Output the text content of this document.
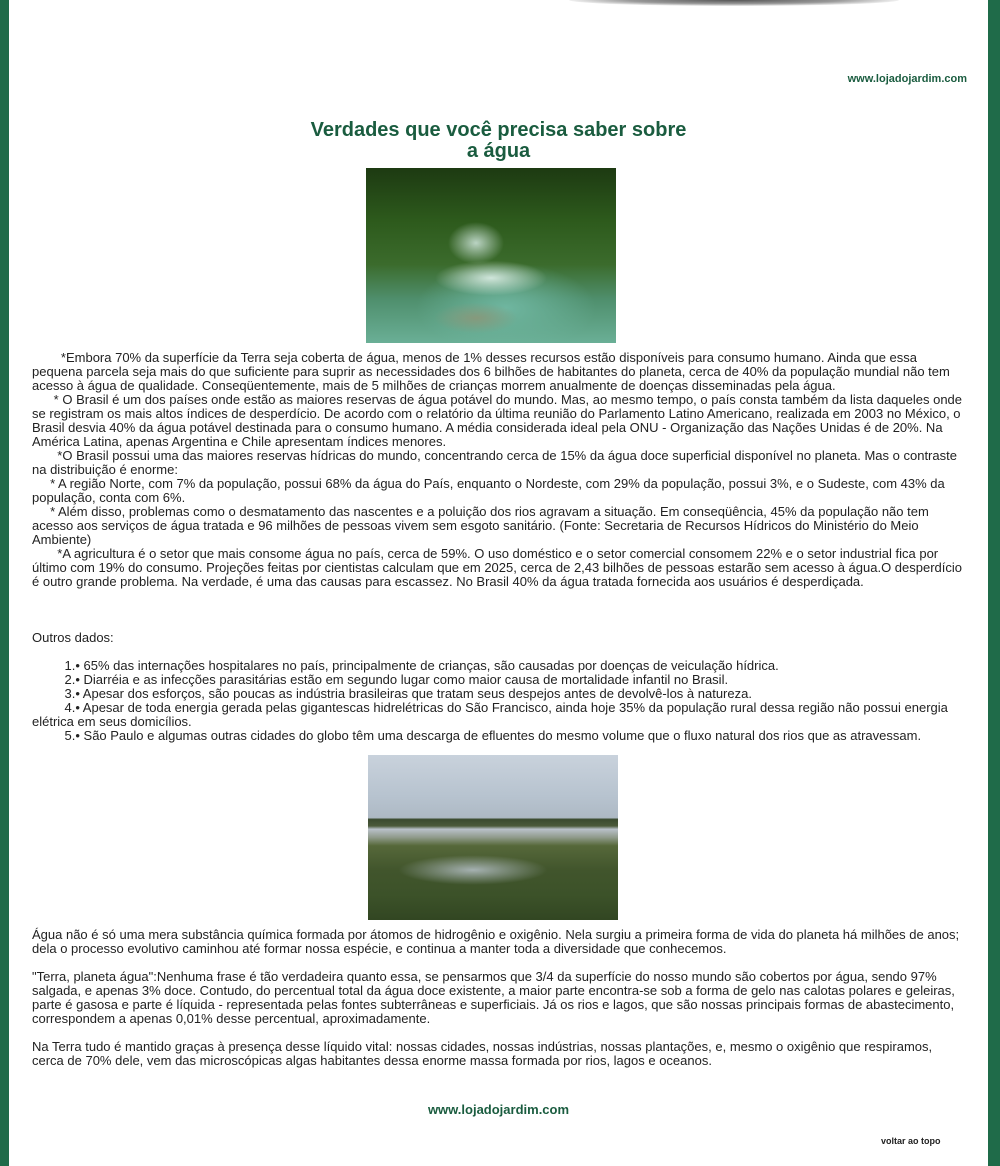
www.lojadojardim.com
Verdades que você precisa saber sobre
a água

*Embora 70% da superfície da Terra seja coberta de água, menos de 1% desses recursos estão disponíveis para consumo humano. Ainda que essa pequena parcela seja mais do que suficiente para suprir as necessidades dos 6 bilhões de habitantes do planeta, cerca de 40% da população mundial não tem acesso à água de qualidade. Conseqüentemente, mais de 5 milhões de crianças morrem anualmente de doenças disseminadas pela água.

* O Brasil é um dos países onde estão as maiores reservas de água potável do mundo. Mas, ao mesmo tempo, o país consta também da lista daqueles onde se registram os mais altos índices de desperdício. De acordo com o relatório da última reunião do Parlamento Latino Americano, realizada em 2003 no México, o Brasil desvia 40% da água potável destinada para o consumo humano. A média considerada ideal pela ONU - Organização das Nações Unidas é de 20%. Na América Latina, apenas Argentina e Chile apresentam índices menores.

*O Brasil possui uma das maiores reservas hídricas do mundo, concentrando cerca de 15% da água doce superficial disponível no planeta. Mas o contraste na distribuição é enorme:

* A região Norte, com 7% da população, possui 68% da água do País, enquanto o Nordeste, com 29% da população, possui 3%, e o Sudeste, com 43% da população, conta com 6%.

* Além disso, problemas como o desmatamento das nascentes e a poluição dos rios agravam a situação. Em conseqüência, 45% da população não tem acesso aos serviços de água tratada e 96 milhões de pessoas vivem sem esgoto sanitário. (Fonte: Secretaria de Recursos Hídricos do Ministério do Meio Ambiente)

*A agricultura é o setor que mais consome água no país, cerca de 59%. O uso doméstico e o setor comercial consomem 22% e o setor industrial fica por último com 19% do consumo. Projeções feitas por cientistas calculam que em 2025, cerca de 2,43 bilhões de pessoas estarão sem acesso à água.O desperdício é outro grande problema. Na verdade, é uma das causas para escassez. No Brasil 40% da água tratada fornecida aos usuários é desperdiçada.

Outros dados:

1.• 65% das internações hospitalares no país, principalmente de crianças, são causadas por doenças de veiculação hídrica.

2.• Diarréia e as infecções parasitárias estão em segundo lugar como maior causa de mortalidade infantil no Brasil.

3.• Apesar dos esforços, são poucas as indústria brasileiras que tratam seus despejos antes de devolvê-los à natureza.

4.• Apesar de toda energia gerada pelas gigantescas hidrelétricas do São Francisco, ainda hoje 35% da população rural dessa região não possui energia elétrica em seus domicílios.

5.• São Paulo e algumas outras cidades do globo têm uma descarga de efluentes do mesmo volume que o fluxo natural dos rios que as atravessam.

Água não é só uma mera substância química formada por átomos de hidrogênio e oxigênio. Nela surgiu a primeira forma de vida do planeta há milhões de anos; dela o processo evolutivo caminhou até formar nossa espécie, e continua a manter toda a diversidade que conhecemos.

"Terra, planeta água":Nenhuma frase é tão verdadeira quanto essa, se pensarmos que 3/4 da superfície do nosso mundo são cobertos por água, sendo 97% salgada, e apenas 3% doce. Contudo, do percentual total da água doce existente, a maior parte encontra-se sob a forma de gelo nas calotas polares e geleiras, parte é gasosa e parte é líquida - representada pelas fontes subterrâneas e superficiais. Já os rios e lagos, que são nossas principais formas de abastecimento, correspondem a apenas 0,01% desse percentual, aproximadamente.

Na Terra tudo é mantido graças à presença desse líquido vital: nossas cidades, nossas indústrias, nossas plantações, e, mesmo o oxigênio que respiramos, cerca de 70% dele, vem das microscópicas algas habitantes dessa enorme massa formada por rios, lagos e oceanos.

www.lojadojardim.com
voltar ao topo
